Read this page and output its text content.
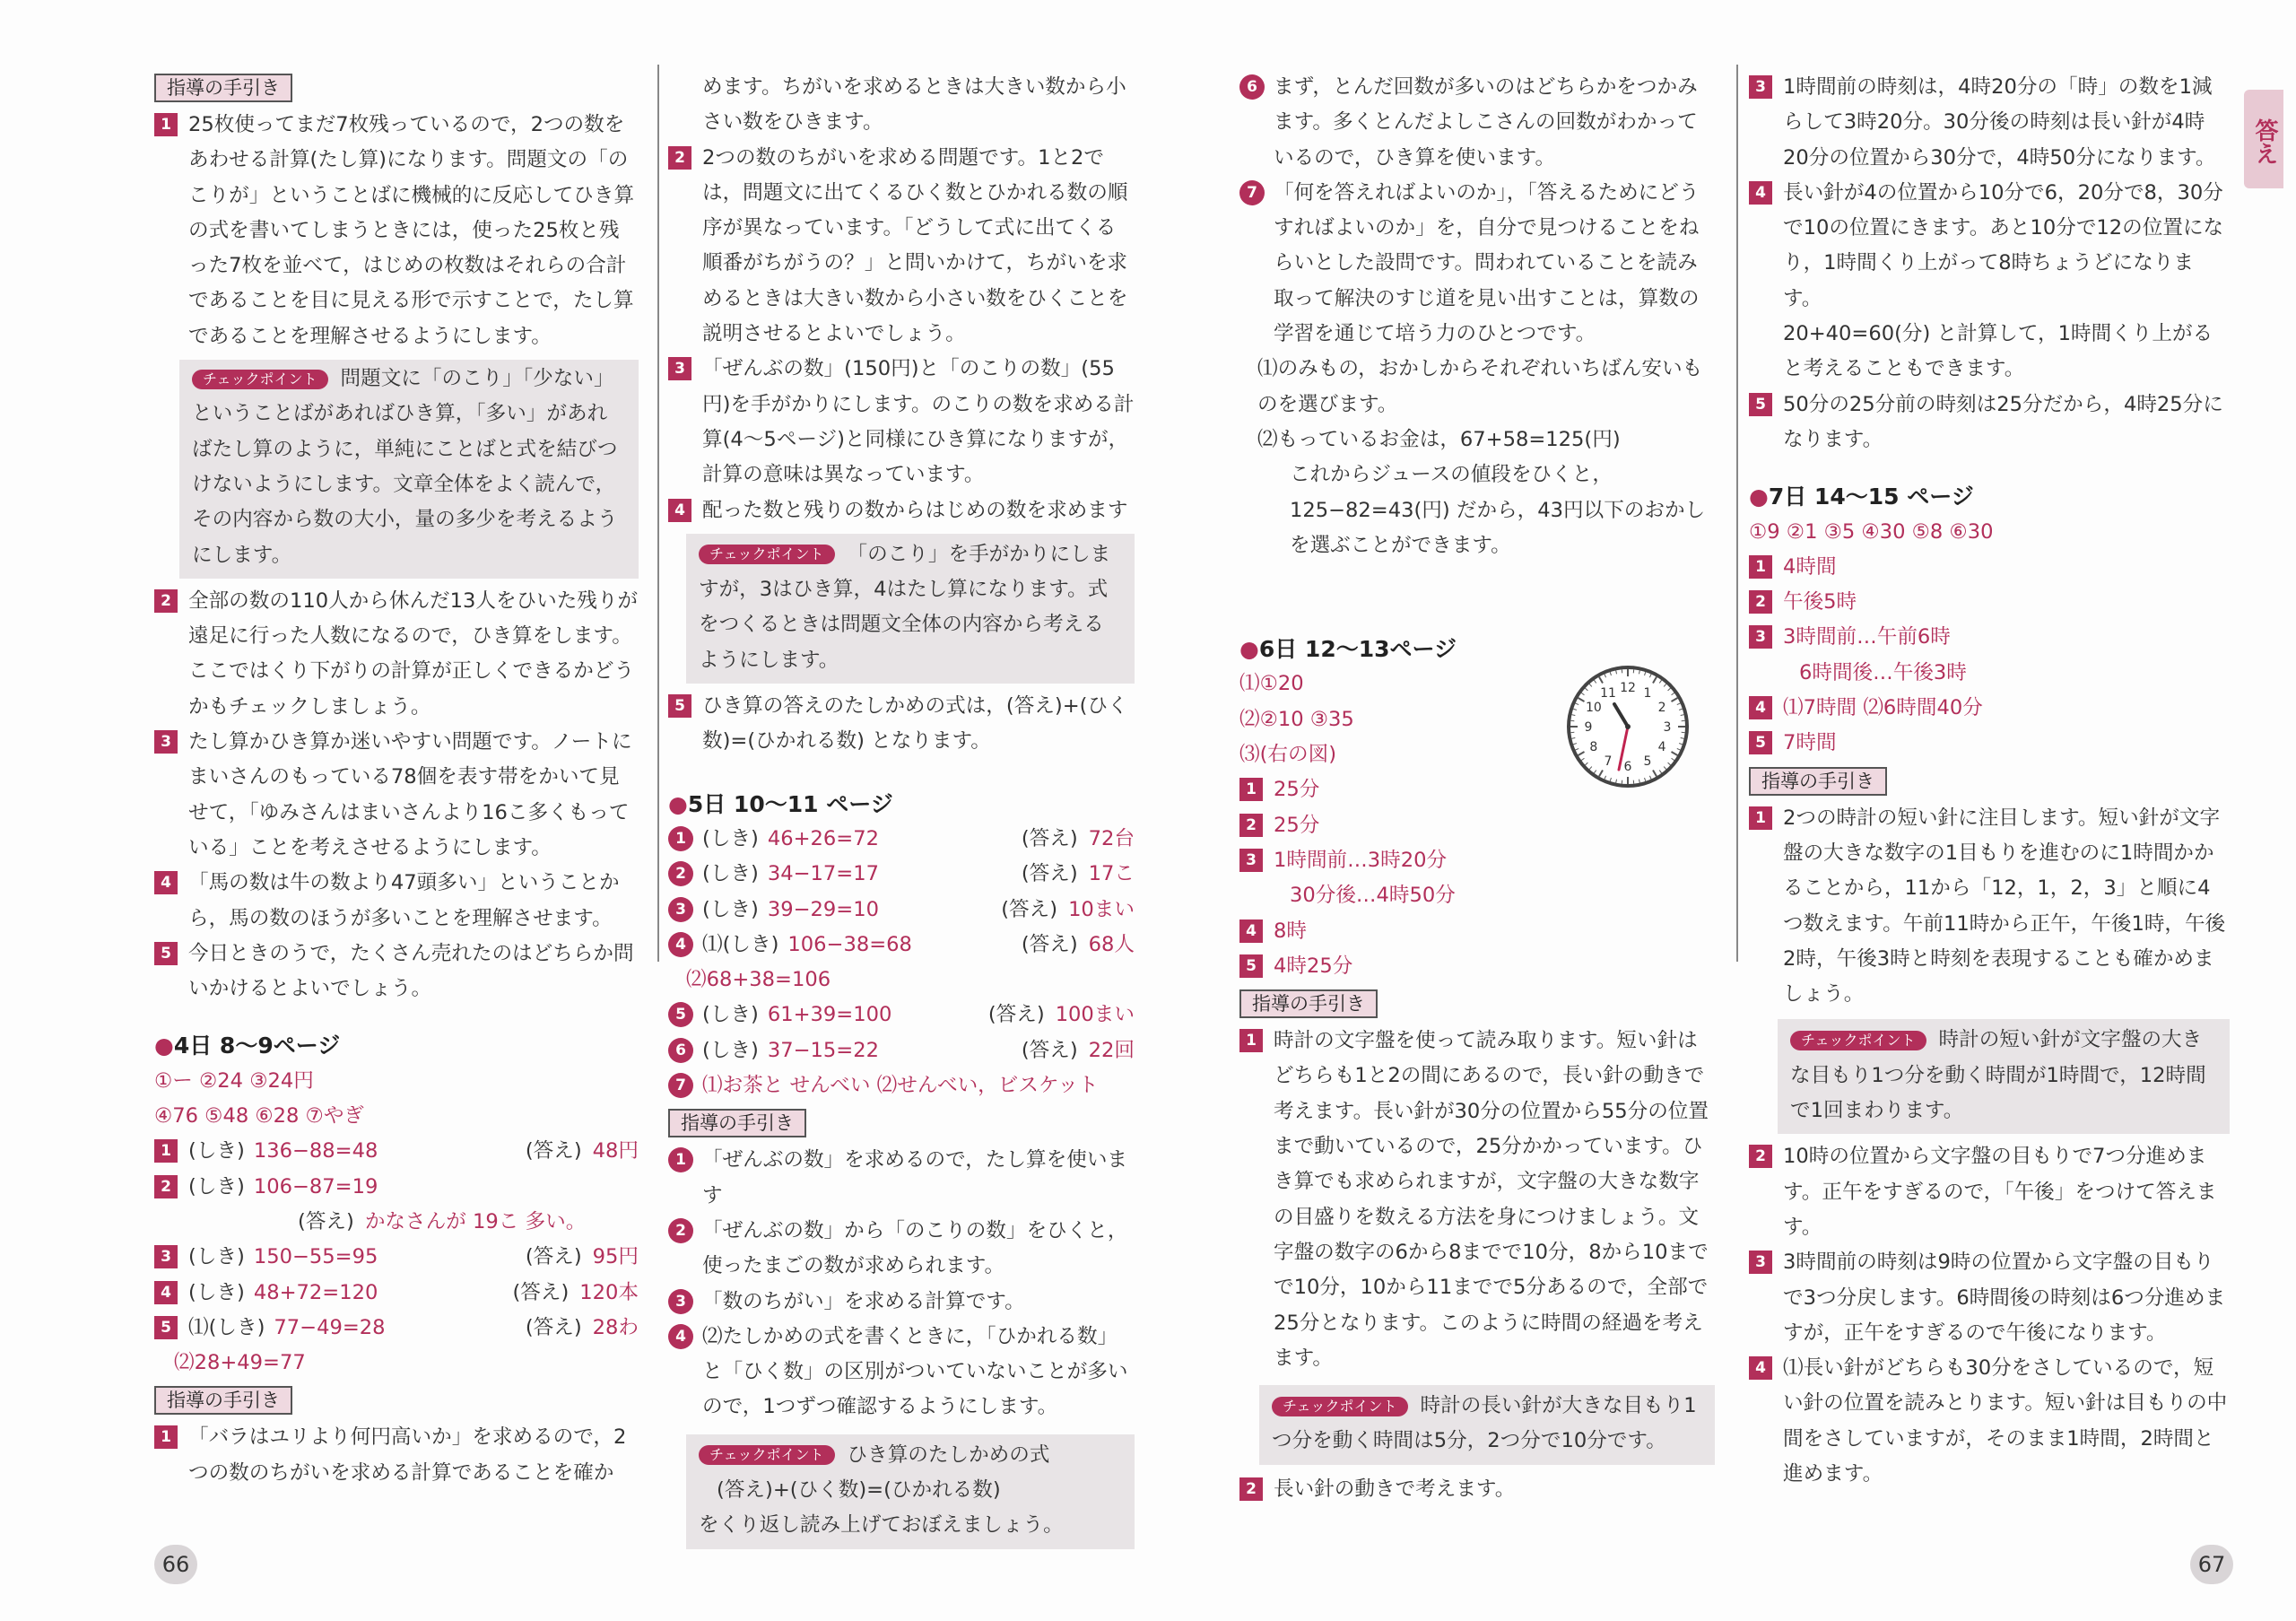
指導の手引き
1 25枚使ってまだ7枚残っているので，2つの数をあわせる計算(たし算)になります。問題文の「のこりが」ということばに機械的に反応してひき算の式を書いてしまうときには，使った25枚と残った7枚を並べて，はじめの枚数はそれらの合計であることを目に見える形で示すことで，たし算であることを理解させるようにします。
チェックポイント 問題文に「のこり」「少ない」ということばがあればひき算，「多い」があればたし算のように，単純にことばと式を結びつけないようにします。文章全体をよく読んで，その内容から数の大小，量の多少を考えるようにします。
2 全部の数の110人から休んだ13人をひいた残りが遠足に行った人数になるので，ひき算をします。ここではくり下がりの計算が正しくできるかどうかもチェックしましょう。
3 たし算かひき算か迷いやすい問題です。ノートにまいさんのもっている78個を表す帯をかいて見せて，「ゆみさんはまいさんより16こ多くもっている」ことを考えさせるようにします。
4 「馬の数は牛の数より47頭多い」ということから，馬の数のほうが多いことを理解させます。
5 今日ときのうで，たくさん売れたのはどちらか問いかけるとよいでしょう。
●4日 8～9ページ
①ー ②24 ③24円
④76 ⑤48 ⑥28 ⑦やぎ
1 (しき) 136−88=48	(答え) 48円
2 (しき) 106−87=19
(答え) かなさんが 19こ 多い。
3 (しき) 150−55=95	(答え) 95円
4 (しき) 48+72=120	(答え) 120本
5 ⑴(しき) 77−49=28	(答え) 28わ
⑵28+49=77
指導の手引き
1 「バラはユリより何円高いか」を求めるので，2つの数のちがいを求める計算であることを確か
めます。ちがいを求めるときは大きい数から小さい数をひきます。
2 2つの数のちがいを求める問題です。1と2では，問題文に出てくるひく数とひかれる数の順序が異なっています。「どうして式に出てくる順番がちがうの？」と問いかけて，ちがいを求めるときは大きい数から小さい数をひくことを説明させるとよいでしょう。
3 「ぜんぶの数」(150円)と「のこりの数」(55円)を手がかりにします。のこりの数を求める計算(4～5ページ)と同様にひき算になりますが，計算の意味は異なっています。
4 配った数と残りの数からはじめの数を求めます
チェックポイント 「のこり」を手がかりにしますが，3はひき算，4はたし算になります。式をつくるときは問題文全体の内容から考えるようにします。
5 ひき算の答えのたしかめの式は，(答え)+(ひく数)=(ひかれる数) となります。
●5日 10～11 ページ
1 (しき) 46+26=72	(答え) 72台
2 (しき) 34−17=17	(答え) 17こ
3 (しき) 39−29=10	(答え) 10まい
4 ⑴(しき) 106−38=68	(答え) 68人
⑵68+38=106
5 (しき) 61+39=100	(答え) 100まい
6 (しき) 37−15=22	(答え) 22回
7 ⑴お茶と せんべい ⑵せんべい，ビスケット
指導の手引き
1 「ぜんぶの数」を求めるので，たし算を使います
2 「ぜんぶの数」から「のこりの数」をひくと，使ったまごの数が求められます。
3 「数のちがい」を求める計算です。
4 ⑵たしかめの式を書くときに，「ひかれる数」と「ひく数」の区別がついていないことが多いので，1つずつ確認するようにします。
チェックポイント ひき算のたしかめの式
(答え)+(ひく数)=(ひかれる数)
をくり返し読み上げておぼえましょう。
66
答え
6 まず，とんだ回数が多いのはどちらかをつかみます。多くとんだよしこさんの回数がわかっているので，ひき算を使います。
7 「何を答えればよいのか」，「答えるためにどうすればよいのか」を，自分で見つけることをねらいとした設問です。問われていることを読み取って解決のすじ道を見い出すことは，算数の学習を通じて培う力のひとつです。
⑴のみもの，おかしからそれぞれいちばん安いものを選びます。
⑵もっているお金は，67+58=125(円)
これからジュースの値段をひくと，
125−82=43(円) だから，43円以下のおかしを選ぶことができます。
●6日 12～13ページ
⑴①20
⑵②10 ③35
⑶(右の図)
1 25分
2 25分
3 1時間前…3時20分
30分後…4時50分
4 8時
5 4時25分
指導の手引き
1 時計の文字盤を使って読み取ります。短い針はどちらも1と2の間にあるので，長い針の動きで考えます。長い針が30分の位置から55分の位置まで動いているので，25分かかっています。ひき算でも求められますが，文字盤の大きな数字の目盛りを数える方法を身につけましょう。文字盤の数字の6から8までで10分，8から10までで10分，10から11までで5分あるので，全部で25分となります。このように時間の経過を考えます。
チェックポイント 時計の長い針が大きな目もり1つ分を動く時間は5分，2つ分で10分です。
2 長い針の動きで考えます。
12 1
2
3
4
5
6
7
8
9
10
11
3 1時間前の時刻は，4時20分の「時」の数を1減らして3時20分。30分後の時刻は長い針が4時20分の位置から30分で，4時50分になります。
4 長い針が4の位置から10分で6，20分で8，30分で10の位置にきます。あと10分で12の位置になり，1時間くり上がって8時ちょうどになります。
20+40=60(分) と計算して，1時間くり上がると考えることもできます。
5 50分の25分前の時刻は25分だから，4時25分になります。
●7日 14～15 ページ
①9 ②1 ③5 ④30 ⑤8 ⑥30
1 4時間
2 午後5時
3 3時間前…午前6時
6時間後…午後3時
4 ⑴7時間 ⑵6時間40分
5 7時間
指導の手引き
1 2つの時計の短い針に注目します。短い針が文字盤の大きな数字の1目もりを進むのに1時間かかることから，11から「12，1，2，3」と順に4つ数えます。午前11時から正午，午後1時，午後2時，午後3時と時刻を表現することも確かめましょう。
チェックポイント 時計の短い針が文字盤の大きな目もり1つ分を動く時間が1時間で，12時間で1回まわります。
2 10時の位置から文字盤の目もりで7つ分進めます。正午をすぎるので，「午後」をつけて答えます。
3 3時間前の時刻は9時の位置から文字盤の目もりで3つ分戻します。6時間後の時刻は6つ分進めますが，正午をすぎるので午後になります。
4 ⑴長い針がどちらも30分をさしているので，短い針の位置を読みとります。短い針は目もりの中間をさしていますが，そのまま1時間，2時間と進めます。
67
